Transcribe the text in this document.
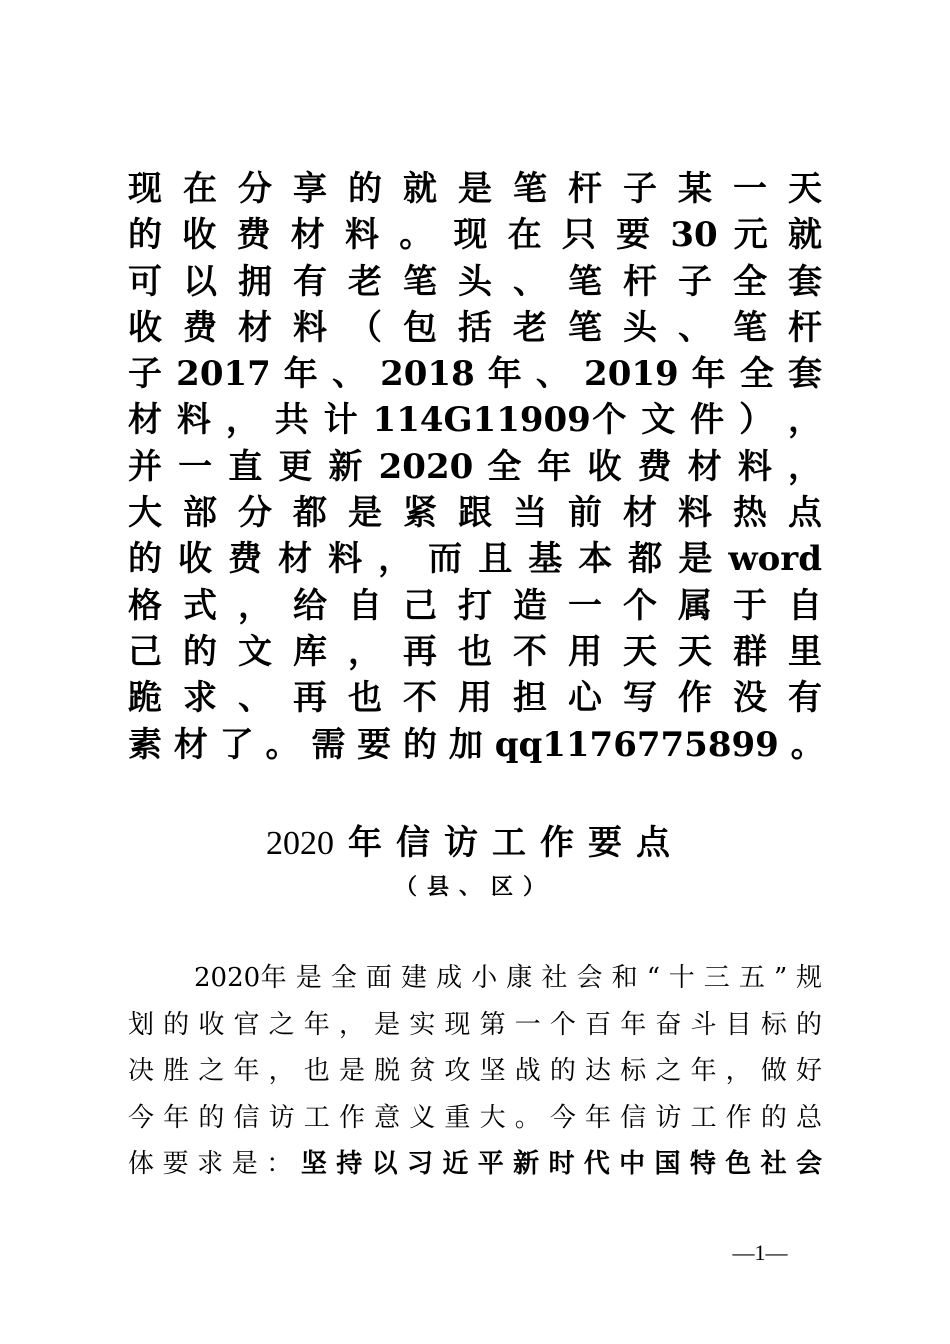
现 在 分 享 的 就 是 笔 杆 子 某 一 天
的 收 费 材 料 。 现 在 只 要 30 元 就
可 以 拥 有 老 笔 头 、 笔 杆 子 全 套
收 费 材 料 （ 包 括 老 笔 头 、 笔 杆
子 2017 年 、 2018 年 、 2019 年 全 套
材 料 ， 共 计 114G11909个 文 件 ） ，
并 一 直 更 新 2020 全 年 收 费 材 料 ，
大 部 分 都 是 紧 跟 当 前 材 料 热 点
的 收 费 材 料 ， 而 且 基 本 都 是 word
格 式 ， 给 自 己 打 造 一 个 属 于 自
己 的 文 库 ， 再 也 不 用 天 天 群 里
跪 求 、 再 也 不 用 担 心 写 作 没 有
素 材 了 。 需 要 的 加 qq1176775899 。
2020 年信访工作要点
（县、区）
2020年 是 全 面 建 成 小 康 社 会 和 “ 十 三 五 ” 规
划 的 收 官 之 年 ， 是 实 现 第 一 个 百 年 奋 斗 目 标 的
决 胜 之 年 ， 也 是 脱 贫 攻 坚 战 的 达 标 之 年 ， 做 好
今 年 的 信 访 工 作 意 义 重 大 。 今 年 信 访 工 作 的 总
体 要 求 是 ： 坚 持 以 习 近 平 新 时 代 中 国 特 色 社 会
—1—
